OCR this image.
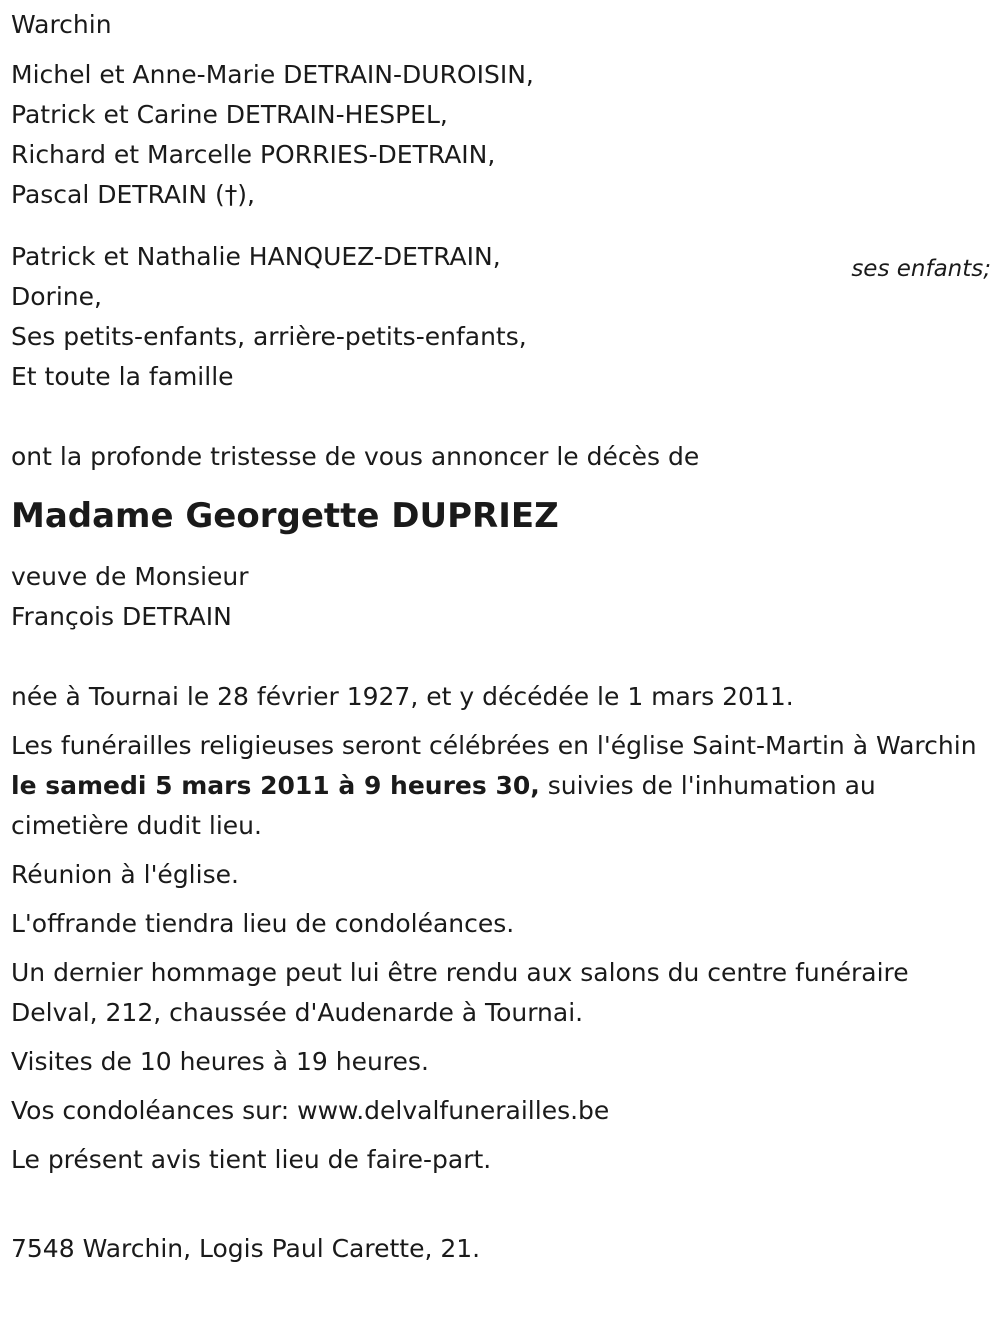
Warchin

Michel et Anne-Marie DETRAIN-DUROISIN,

Patrick et Carine DETRAIN-HESPEL,

Richard et Marcelle PORRIES-DETRAIN,

Pascal DETRAIN (†),

ses enfants;

Patrick et Nathalie HANQUEZ-DETRAIN,

Dorine,

Ses petits-enfants, arrière-petits-enfants,

Et toute la famille

ont la profonde tristesse de vous annoncer le décès de

Madame Georgette DUPRIEZ

veuve de Monsieur

François DETRAIN

née à Tournai le 28 février 1927, et y décédée le 1 mars 2011.

Les funérailles religieuses seront célébrées en l'église Saint-Martin à Warchin le samedi 5 mars 2011 à 9 heures 30, suivies de l'inhumation au cimetière dudit lieu.

Réunion à l'église.

L'offrande tiendra lieu de condoléances.

Un dernier hommage peut lui être rendu aux salons du centre funéraire Delval, 212, chaussée d'Audenarde à Tournai.

Visites de 10 heures à 19 heures.

Vos condoléances sur: www.delvalfunerailles.be

Le présent avis tient lieu de faire-part.

7548 Warchin, Logis Paul Carette, 21.
